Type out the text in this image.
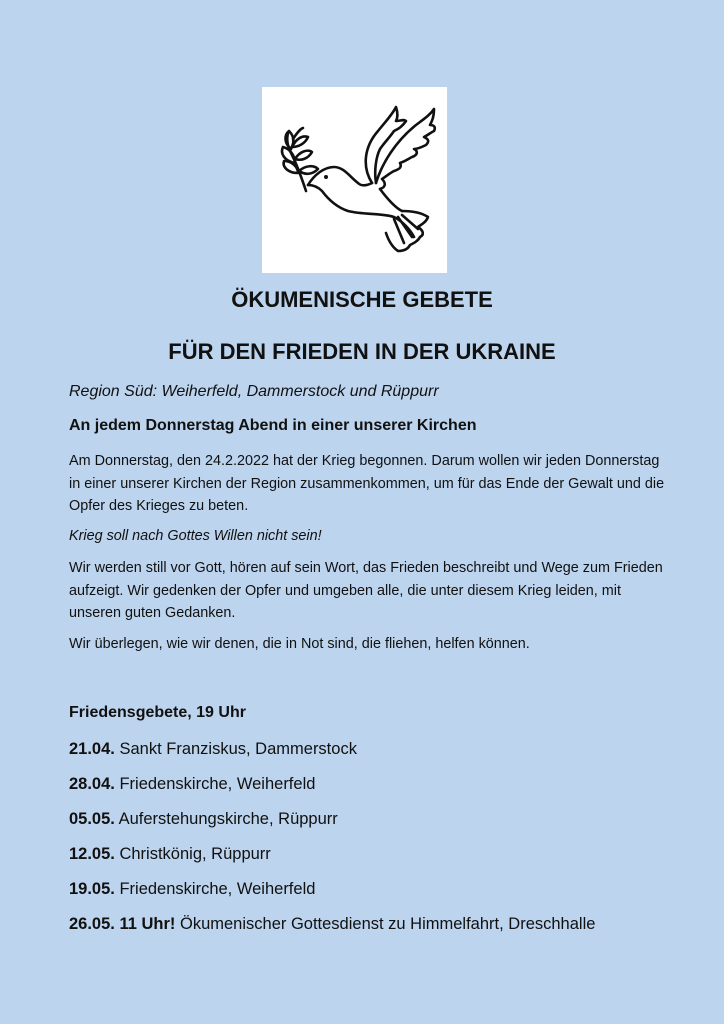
ÖKUMENISCHE GEBETE
FÜR DEN FRIEDEN IN DER UKRAINE
Region Süd: Weiherfeld, Dammerstock und Rüppurr
An jedem Donnerstag Abend in einer unserer Kirchen
Am Donnerstag, den 24.2.2022 hat der Krieg begonnen. Darum wollen wir jeden Donnerstag in einer unserer Kirchen der Region zusammenkommen, um für das Ende der Gewalt und die Opfer des Krieges zu beten.
Krieg soll nach Gottes Willen nicht sein!
Wir werden still vor Gott, hören auf sein Wort, das Frieden beschreibt und Wege zum Frieden aufzeigt. Wir gedenken der Opfer und umgeben alle, die unter diesem Krieg leiden, mit unseren guten Gedanken.
Wir überlegen, wie wir denen, die in Not sind, die fliehen, helfen können.
Friedensgebete, 19 Uhr
21.04. Sankt Franziskus, Dammerstock
28.04. Friedenskirche, Weiherfeld
05.05. Auferstehungskirche, Rüppurr
12.05. Christkönig, Rüppurr
19.05. Friedenskirche, Weiherfeld
26.05. 11 Uhr! Ökumenischer Gottesdienst zu Himmelfahrt, Dreschhalle
